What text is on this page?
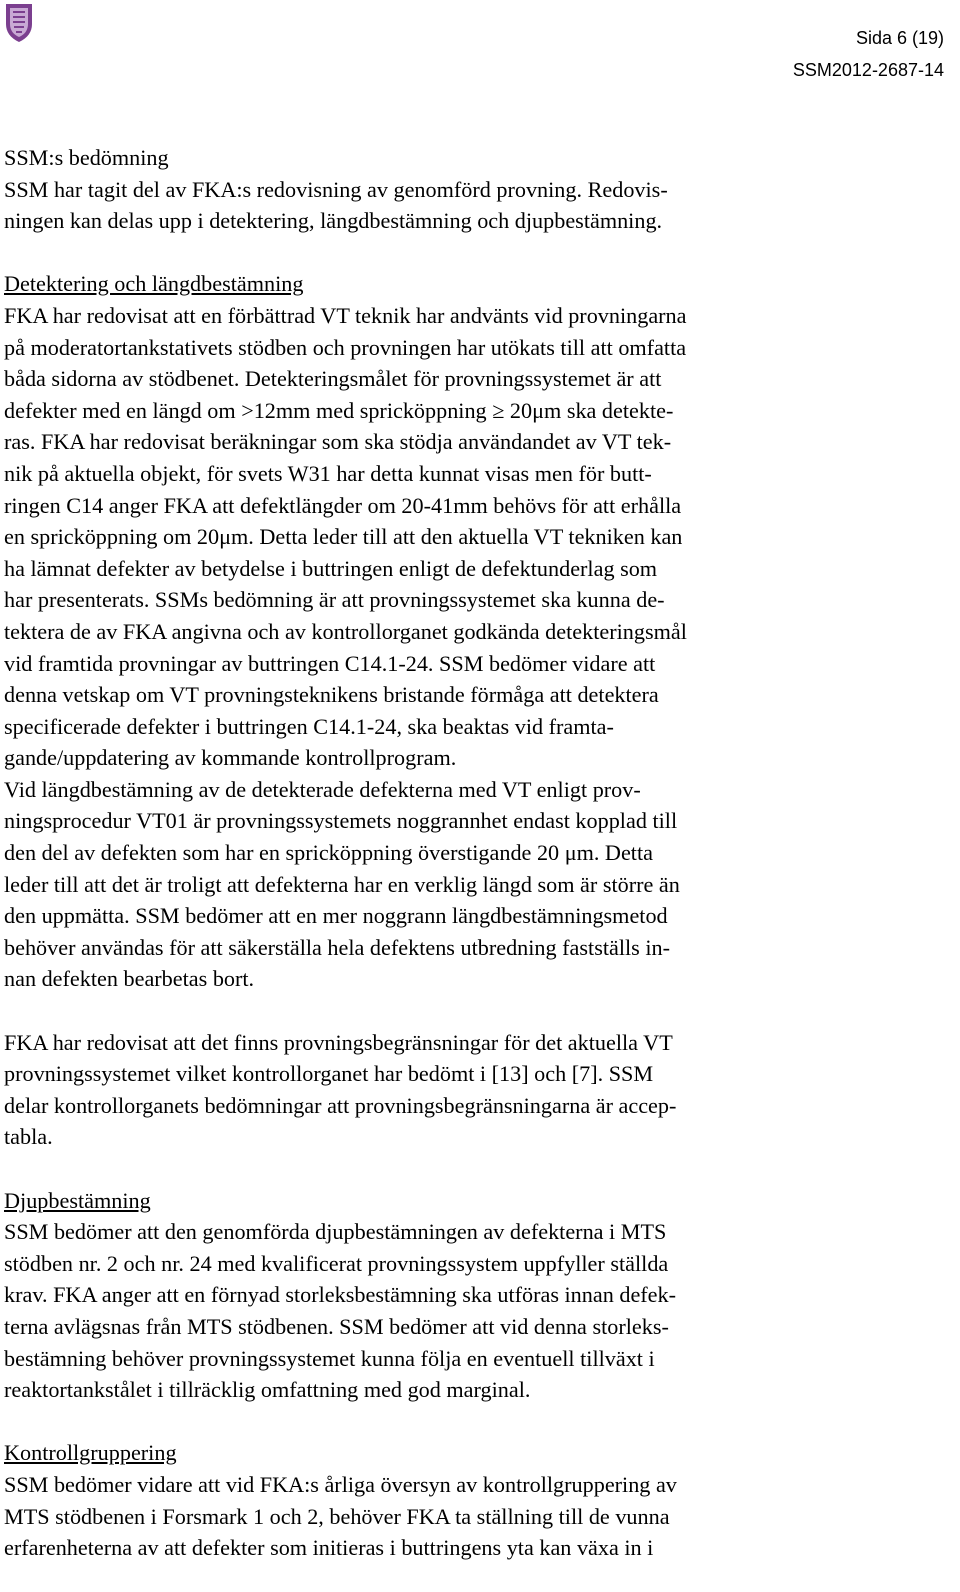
Sida 6 (19)
SSM2012-2687-14

SSM:s bedömning
SSM har tagit del av FKA:s redovisning av genomförd provning. Redovis-
ningen kan delas upp i detektering, längdbestämning och djupbestämning.

Detektering och längdbestämning
FKA har redovisat att en förbättrad VT teknik har andvänts vid provningarna
på moderatortankstativets stödben och provningen har utökats till att omfatta
båda sidorna av stödbenet. Detekteringsmålet för provningssystemet är att
defekter med en längd om >12mm med spricköppning ≥ 20μm ska detekte-
ras. FKA har redovisat beräkningar som ska stödja användandet av VT tek-
nik på aktuella objekt, för svets W31 har detta kunnat visas men för butt-
ringen C14 anger FKA att defektlängder om 20-41mm behövs för att erhålla
en spricköppning om 20μm. Detta leder till att den aktuella VT tekniken kan
ha lämnat defekter av betydelse i buttringen enligt de defektunderlag som
har presenterats. SSMs bedömning är att provningssystemet ska kunna de-
tektera de av FKA angivna och av kontrollorganet godkända detekteringsmål
vid framtida provningar av buttringen C14.1-24. SSM bedömer vidare att
denna vetskap om VT provningsteknikens bristande förmåga att detektera
specificerade defekter i buttringen C14.1-24, ska beaktas vid framta-
gande/uppdatering av kommande kontrollprogram.
Vid längdbestämning av de detekterade defekterna med VT enligt prov-
ningsprocedur VT01 är provningssystemets noggrannhet endast kopplad till
den del av defekten som har en spricköppning överstigande 20 μm. Detta
leder till att det är troligt att defekterna har en verklig längd som är större än
den uppmätta. SSM bedömer att en mer noggrann längdbestämningsmetod
behöver användas för att säkerställa hela defektens utbredning fastställs in-
nan defekten bearbetas bort.

FKA har redovisat att det finns provningsbegränsningar för det aktuella VT
provningssystemet vilket kontrollorganet har bedömt i [13] och [7]. SSM
delar kontrollorganets bedömningar att provningsbegränsningarna är accep-
tabla.

Djupbestämning
SSM bedömer att den genomförda djupbestämningen av defekterna i MTS
stödben nr. 2 och nr. 24 med kvalificerat provningssystem uppfyller ställda
krav. FKA anger att en förnyad storleksbestämning ska utföras innan defek-
terna avlägsnas från MTS stödbenen. SSM bedömer att vid denna storleks-
bestämning behöver provningssystemet kunna följa en eventuell tillväxt i
reaktortankstålet i tillräcklig omfattning med god marginal.

Kontrollgruppering
SSM bedömer vidare att vid FKA:s årliga översyn av kontrollgruppering av
MTS stödbenen i Forsmark 1 och 2, behöver FKA ta ställning till de vunna
erfarenheterna av att defekter som initieras i buttringens yta kan växa in i
